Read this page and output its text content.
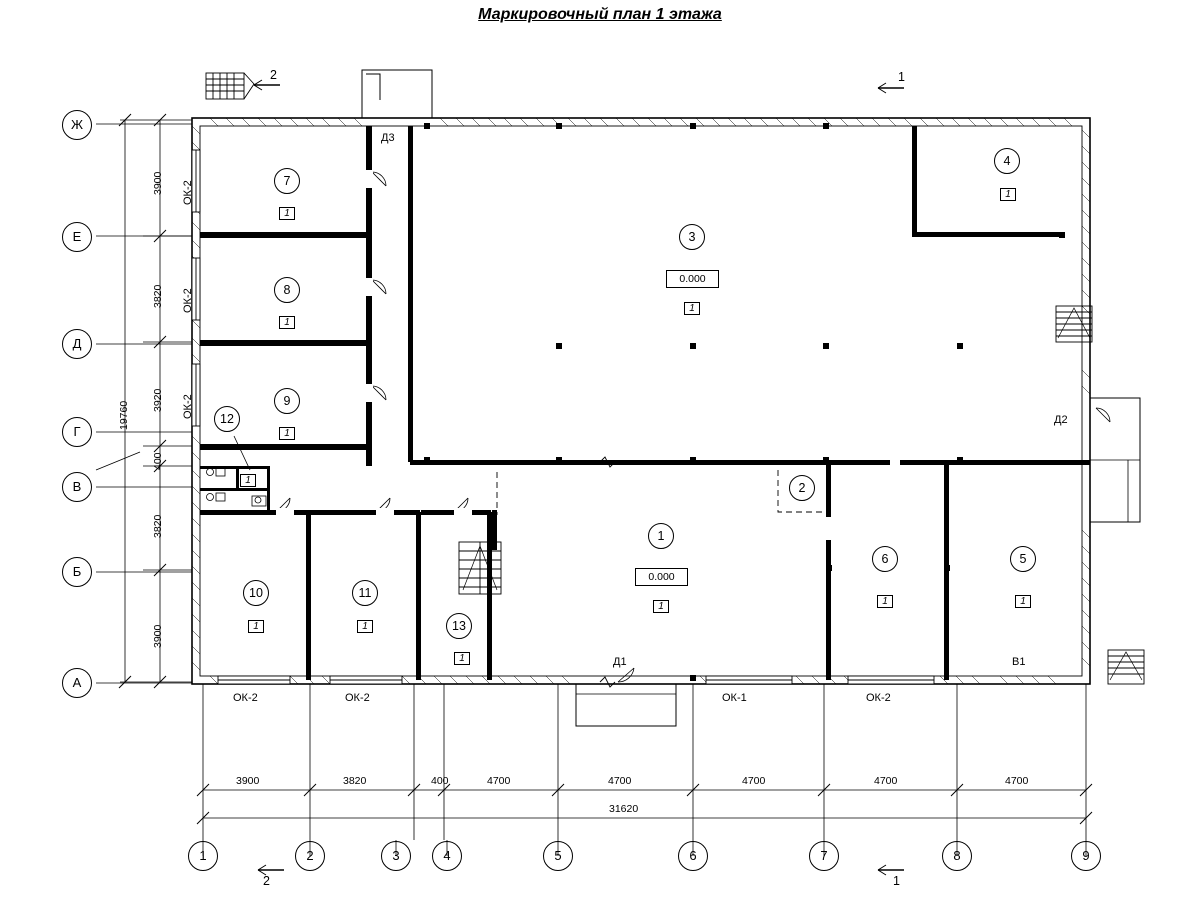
Маркировочный план 1 этажа
Ж
Е
Д
Г
В
Б
А
1	2	3	4	5	6	7	8	9
3900
3820
3920
400
3820
3900
19760
3900	3820	400	4700	4700	4700	4700	4700
31620
7
1
8
1
9
1
12
1
10
1
11
1	13
1
3
0.000
1
4
1
1
0.000
1
2
6
1
5
1
ОК-2
ОК-2
ОК-2
ОК-2	ОК-2	ОК-1	ОК-2
Д3
Д2
Д1	В1
2	1
2	1
